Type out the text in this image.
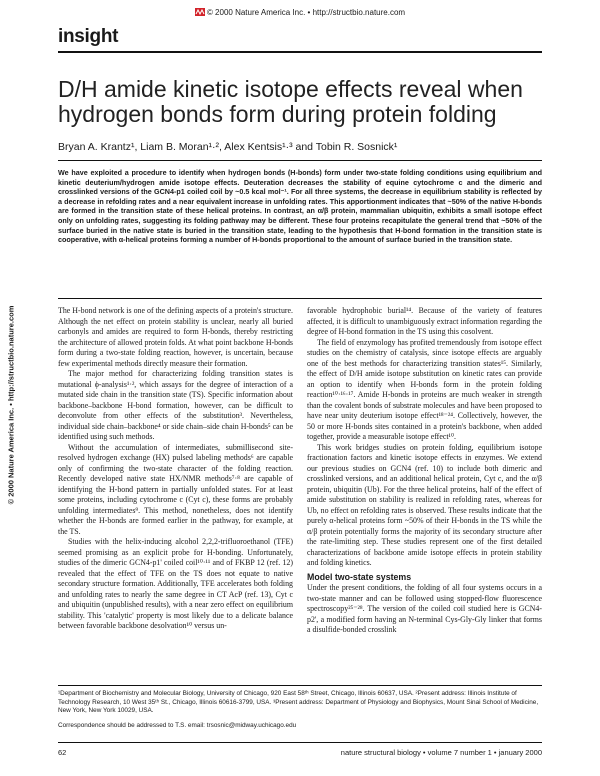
© 2000 Nature America Inc. • http://structbio.nature.com
insight
D/H amide kinetic isotope effects reveal when hydrogen bonds form during protein folding
Bryan A. Krantz¹, Liam B. Moran¹·², Alex Kentsis¹·³ and Tobin R. Sosnick¹

We have exploited a procedure to identify when hydrogen bonds (H-bonds) form under two-state folding conditions using equilibrium and kinetic deuterium/hydrogen amide isotope effects. Deuteration decreases the stability of equine cytochrome c and the dimeric and crosslinked versions of the GCN4-p1 coiled coil by ~0.5 kcal mol⁻¹. For all three systems, the decrease in equilibrium stability is reflected by a decrease in refolding rates and a near equivalent increase in unfolding rates. This apportionment indicates that ~50% of the native H-bonds are formed in the transition state of these helical proteins. In contrast, an α/β protein, mammalian ubiquitin, exhibits a small isotope effect only on unfolding rates, suggesting its folding pathway may be different. These four proteins recapitulate the general trend that ~50% of the surface buried in the native state is buried in the transition state, leading to the hypothesis that H-bond formation in the transition state is cooperative, with α-helical proteins forming a number of H-bonds proportional to the amount of surface buried in the transition state.

© 2000 Nature America Inc. • http://structbio.nature.com	The H-bond network is one of the defining aspects of a protein's structure. Although the net effect on protein stability is unclear, nearly all buried carbonyls and amides are required to form H-bonds, thereby restricting the architecture of allowed protein folds. At what point backbone H-bonds form during a two-state folding reaction, however, is uncertain, because few experimental methods directly measure their formation.

The major method for characterizing folding transition states is mutational ϕ-analysis¹·², which assays for the degree of interaction of a mutated side chain in the transition state (TS). Specific information about backbone–backbone H-bond formation, however, can be difficult to deconvolute from other effects of the substitution³. Nevertheless, individual side chain–backbone⁴ or side chain–side chain H-bonds⁵ can be identified using such methods.

Without the accumulation of intermediates, submillisecond site-resolved hydrogen exchange (HX) pulsed labeling methods⁶ are capable only of confirming the two-state character of the folding reaction. Recently developed native state HX/NMR methods⁷·⁸ are capable of identifying the H-bond pattern in partially unfolded states. For at least some proteins, including cytochrome c (Cyt c), these forms are probably unfolding intermediates⁹. This method, nonetheless, does not identify whether the H-bonds are formed earlier in the pathway, for example, at the TS.

Studies with the helix-inducing alcohol 2,2,2-trifluoroethanol (TFE) seemed promising as an explicit probe for H-bonding. Unfortunately, studies of the dimeric GCN4-p1' coiled coil¹⁰·¹¹ and of FKBP 12 (ref. 12) revealed that the effect of TFE on the TS does not equate to native secondary structure formation. Additionally, TFE accelerates both folding and unfolding rates to nearly the same degree in CT AcP (ref. 13), Cyt c and ubiquitin (unpublished results), with a near zero effect on equilibrium stability. This 'catalytic' property is most likely due to a delicate balance between favorable backbone desolvation¹⁰ versus un-

favorable hydrophobic burial¹⁴. Because of the variety of features affected, it is difficult to unambiguously extract information regarding the degree of H-bond formation in the TS using this cosolvent.

The field of enzymology has profited tremendously from isotope effect studies on the chemistry of catalysis, since isotope effects are arguably one of the best methods for characterizing transition states¹⁵. Similarly, the effect of D/H amide isotope substitution on kinetic rates can provide an option to identify when H-bonds form in the protein folding reaction¹⁰·¹⁶·¹⁷. Amide H-bonds in proteins are much weaker in strength than the covalent bonds of substrate molecules and have been proposed to have near unity deuterium isotope effect¹⁸⁻²⁴. Collectively, however, the 50 or more H-bonds sites contained in a protein's backbone, when added together, provide a measurable isotope effect¹⁰.

This work bridges studies on protein folding, equilibrium isotope fractionation factors and kinetic isotope effects in enzymes. We extend our previous studies on GCN4 (ref. 10) to include both dimeric and crosslinked versions, and an additional helical protein, Cyt c, and the α/β protein, ubiquitin (Ub). For the three helical proteins, half of the effect of amide substitution on stability is realized in refolding rates, whereas for Ub, no effect on refolding rates is observed. These results indicate that the purely α-helical proteins form ~50% of their H-bonds in the TS while the α/β protein potentially forms the majority of its secondary structure after the rate-limiting step. These studies represent one of the first detailed characterizations of backbone amide isotope effects in protein stability and folding kinetics.

Model two-state systems

Under the present conditions, the folding of all four systems occurs in a two-state manner and can be followed using stopped-flow fluorescence spectroscopy²⁵⁻²⁸. The version of the coiled coil studied here is GCN4-p2', a modified form having an N-terminal Cys-Gly-Gly linker that forms a disulfide-bonded crosslink

¹Department of Biochemistry and Molecular Biology, University of Chicago, 920 East 58ᵗʰ Street, Chicago, Illinois 60637, USA. ²Present address: Illinois Institute of Technology Research, 10 West 35ᵗʰ St., Chicago, Illinois 60616-3799, USA. ³Present address: Department of Physiology and Biophysics, Mount Sinai School of Medicine, New York, New York 10029, USA.

Correspondence should be addressed to T.S. email: trsosnic@midway.uchicago.edu

62	nature structural biology • volume 7 number 1 • january 2000
